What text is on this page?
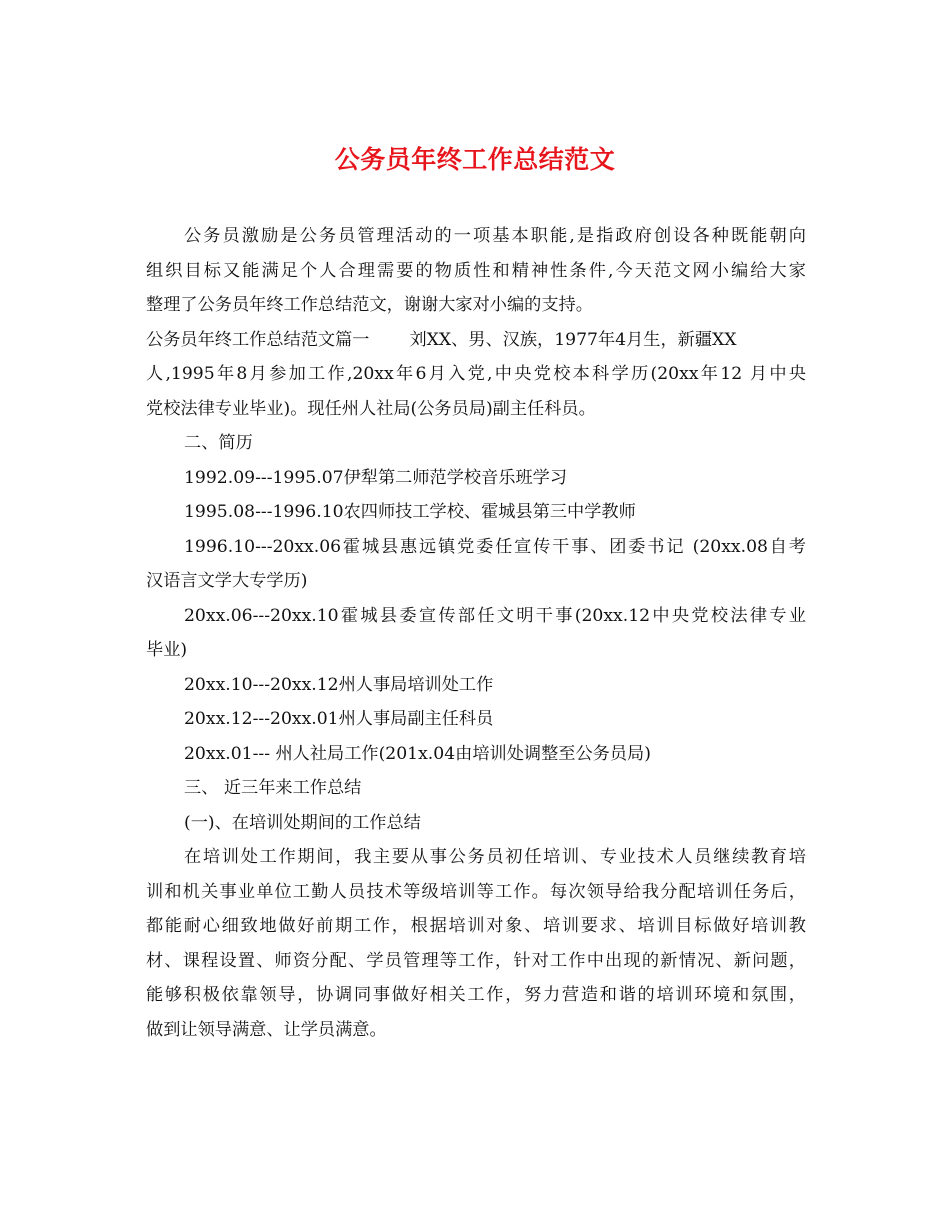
公务员年终工作总结范文
公务员激励是公务员管理活动的一项基本职能,是指政府创设各种既能朝向
组织目标又能满足个人合理需要的物质性和精神性条件,今天范文网小编给大家
整理了公务员年终工作总结范文，谢谢大家对小编的支持。
公务员年终工作总结范文篇一 刘XX、男、汉族，1977年4月生，新疆XX
人,1995年8月参加工作,20xx年6月入党,中央党校本科学历(20xx年12 月中央
党校法律专业毕业)。现任州人社局(公务员局)副主任科员。
二、简历
1992.09---1995.07伊犁第二师范学校音乐班学习
1995.08---1996.10农四师技工学校、霍城县第三中学教师
1996.10---20xx.06霍城县惠远镇党委任宣传干事、团委书记 (20xx.08自考
汉语言文学大专学历)
20xx.06---20xx.10霍城县委宣传部任文明干事(20xx.12中央党校法律专业
毕业)
20xx.10---20xx.12州人事局培训处工作
20xx.12---20xx.01州人事局副主任科员
20xx.01--- 州人社局工作(201x.04由培训处调整至公务员局)
三、 近三年来工作总结
(一)、在培训处期间的工作总结
在培训处工作期间，我主要从事公务员初任培训、专业技术人员继续教育培
训和机关事业单位工勤人员技术等级培训等工作。每次领导给我分配培训任务后，
都能耐心细致地做好前期工作，根据培训对象、培训要求、培训目标做好培训教
材、课程设置、师资分配、学员管理等工作，针对工作中出现的新情况、新问题，
能够积极依靠领导，协调同事做好相关工作，努力营造和谐的培训环境和氛围，
做到让领导满意、让学员满意。
